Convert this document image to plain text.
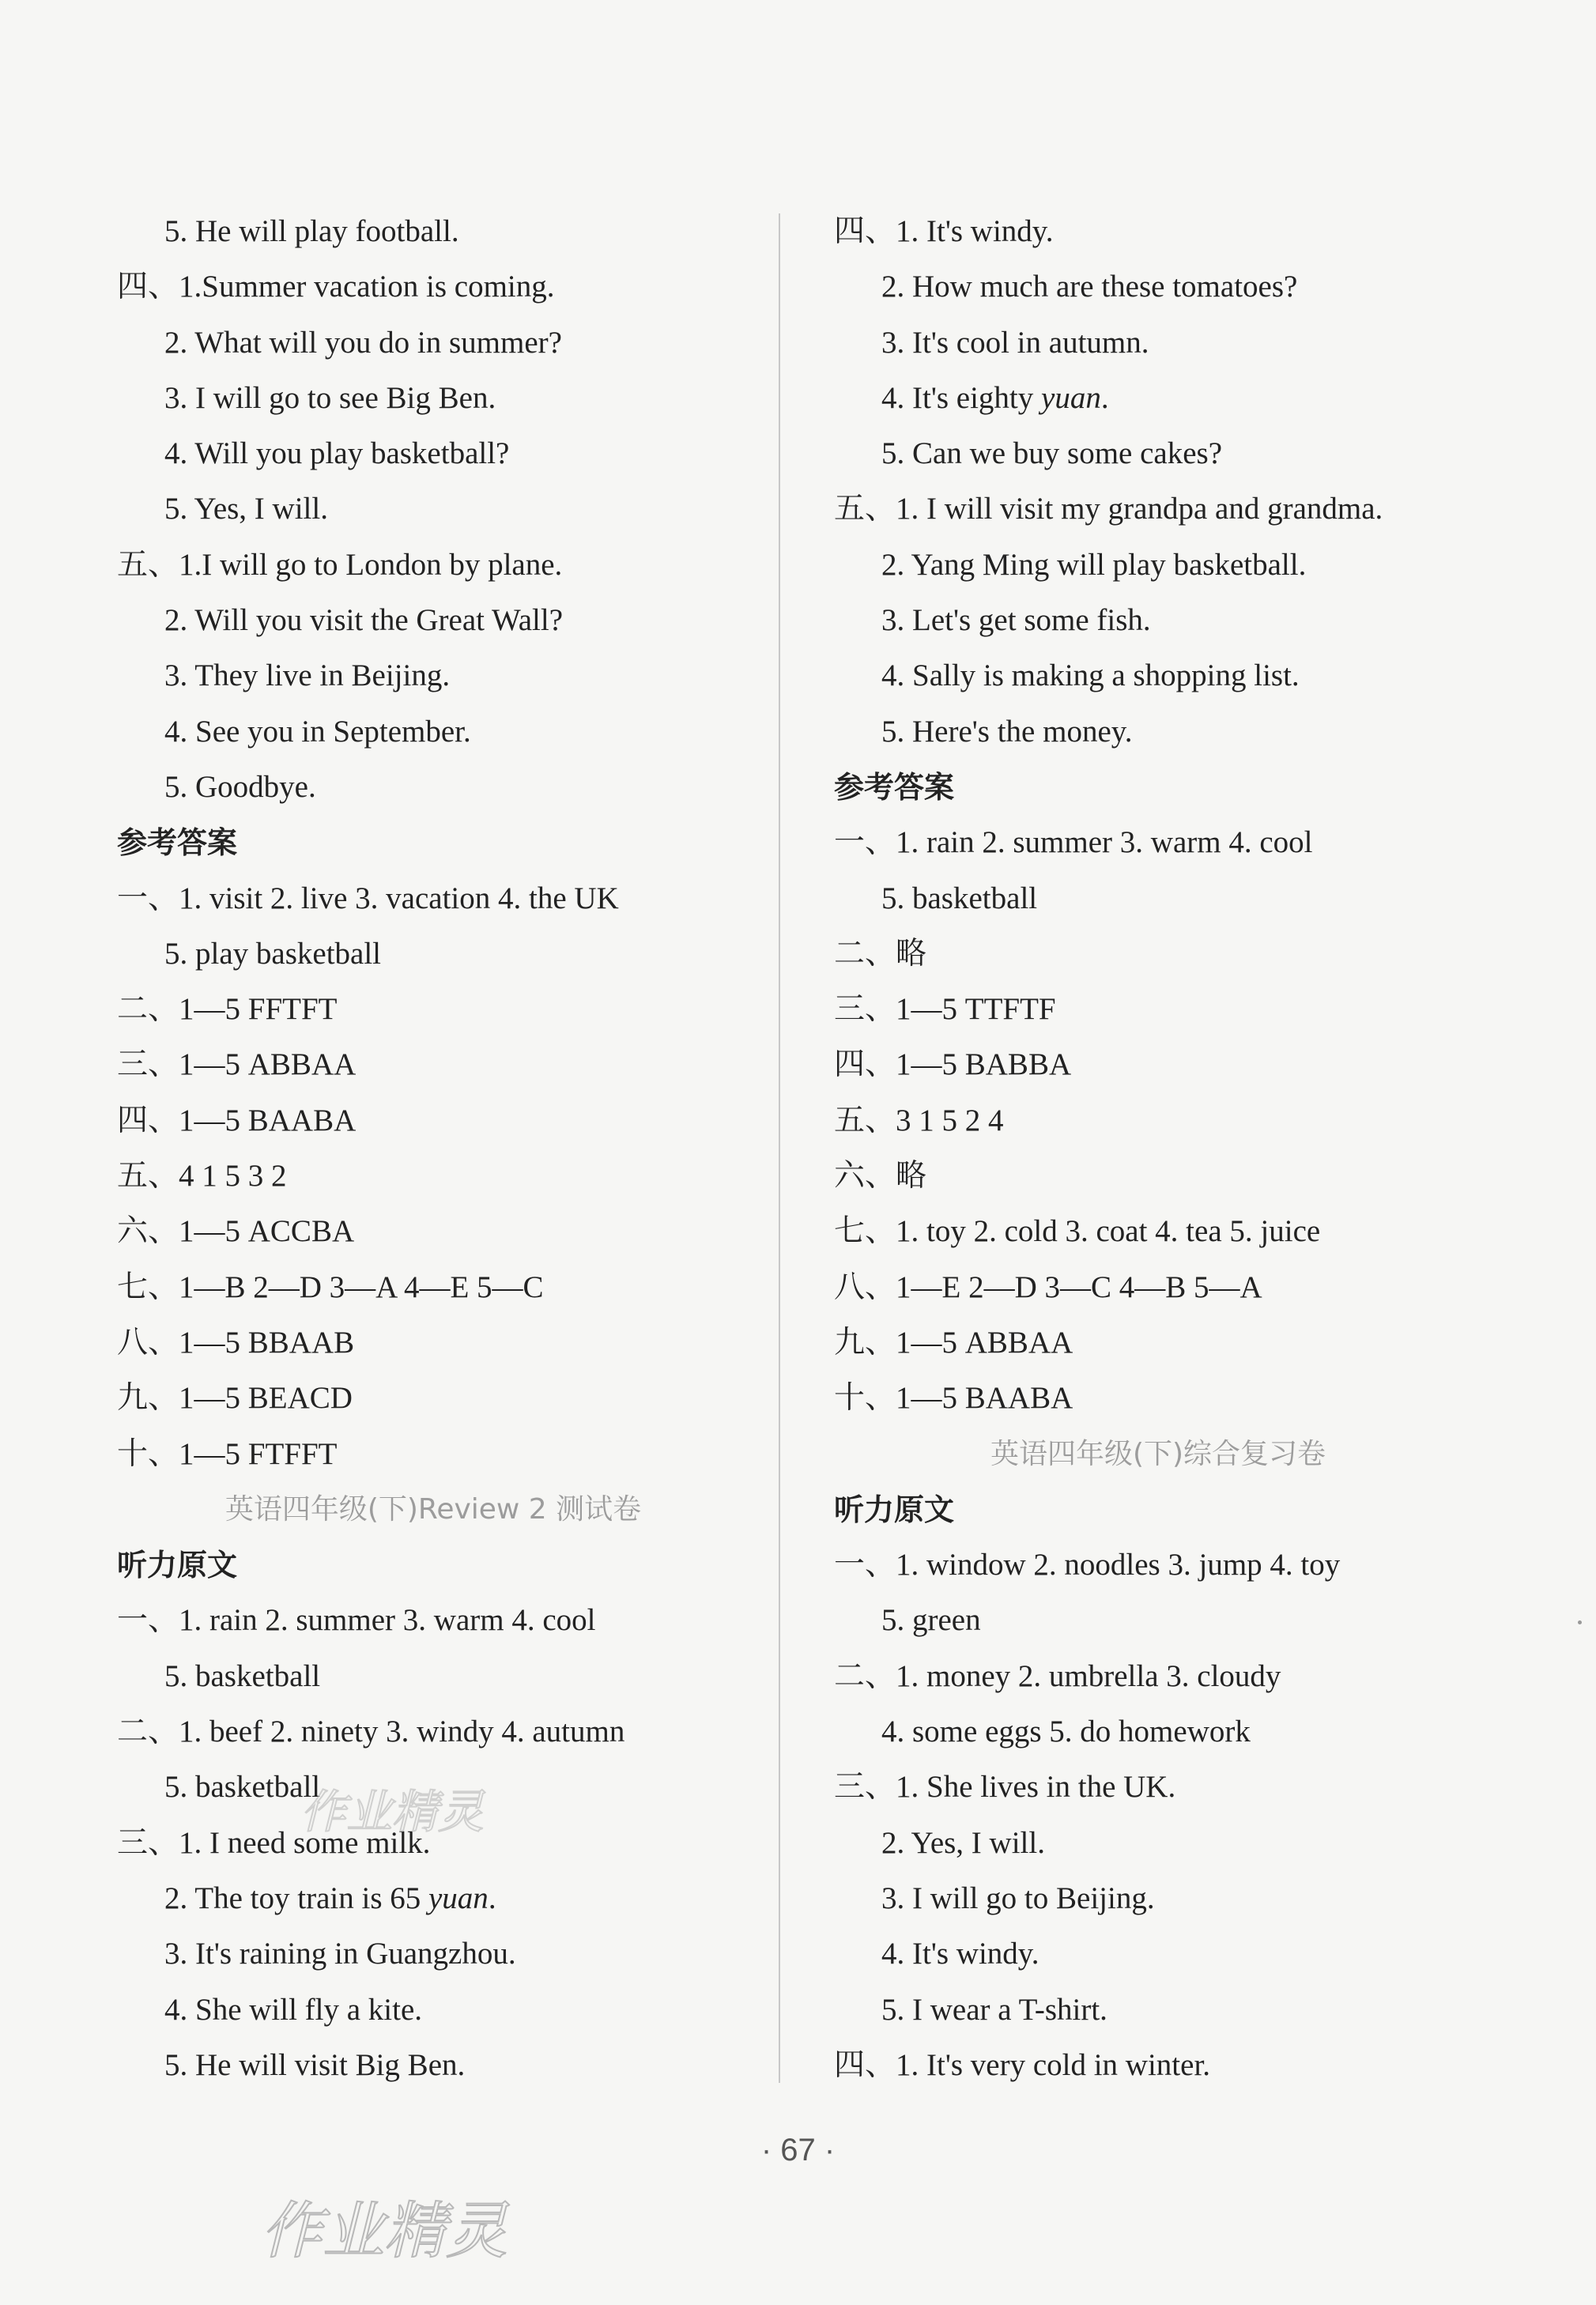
5. He will play football.
四、1.Summer vacation is coming.
2. What will you do in summer?
3. I will go to see Big Ben.
4. Will you play basketball?
5. Yes, I will.
五、1.I will go to London by plane.
2. Will you visit the Great Wall?
3. They live in Beijing.
4. See you in September.
5. Goodbye.
参考答案
一、1. visit 2. live 3. vacation 4. the UK
5. play basketball
二、1—5 FFTFT
三、1—5 ABBAA
四、1—5 BAABA
五、4 1 5 3 2
六、1—5 ACCBA
七、1—B 2—D 3—A 4—E 5—C
八、1—5 BBAAB
九、1—5 BEACD
十、1—5 FTFFT
英语四年级(下)Review 2 测试卷
听力原文
一、1. rain 2. summer 3. warm 4. cool
5. basketball
二、1. beef 2. ninety 3. windy 4. autumn
5. basketball
三、1. I need some milk.
2. The toy train is 65 yuan.
3. It's raining in Guangzhou.
4. She will fly a kite.
5. He will visit Big Ben.
四、1. It's windy.
2. How much are these tomatoes?
3. It's cool in autumn.
4. It's eighty yuan.
5. Can we buy some cakes?
五、1. I will visit my grandpa and grandma.
2. Yang Ming will play basketball.
3. Let's get some fish.
4. Sally is making a shopping list.
5. Here's the money.
参考答案
一、1. rain 2. summer 3. warm 4. cool
5. basketball
二、略
三、1—5 TTFTF
四、1—5 BABBA
五、3 1 5 2 4
六、略
七、1. toy 2. cold 3. coat 4. tea 5. juice
八、1—E 2—D 3—C 4—B 5—A
九、1—5 ABBAA
十、1—5 BAABA
英语四年级(下)综合复习卷
听力原文
一、1. window 2. noodles 3. jump 4. toy
5. green
二、1. money 2. umbrella 3. cloudy
4. some eggs 5. do homework
三、1. She lives in the UK.
2. Yes, I will.
3. I will go to Beijing.
4. It's windy.
5. I wear a T-shirt.
四、1. It's very cold in winter.
· 67 ·
作业精灵
作业精灵
